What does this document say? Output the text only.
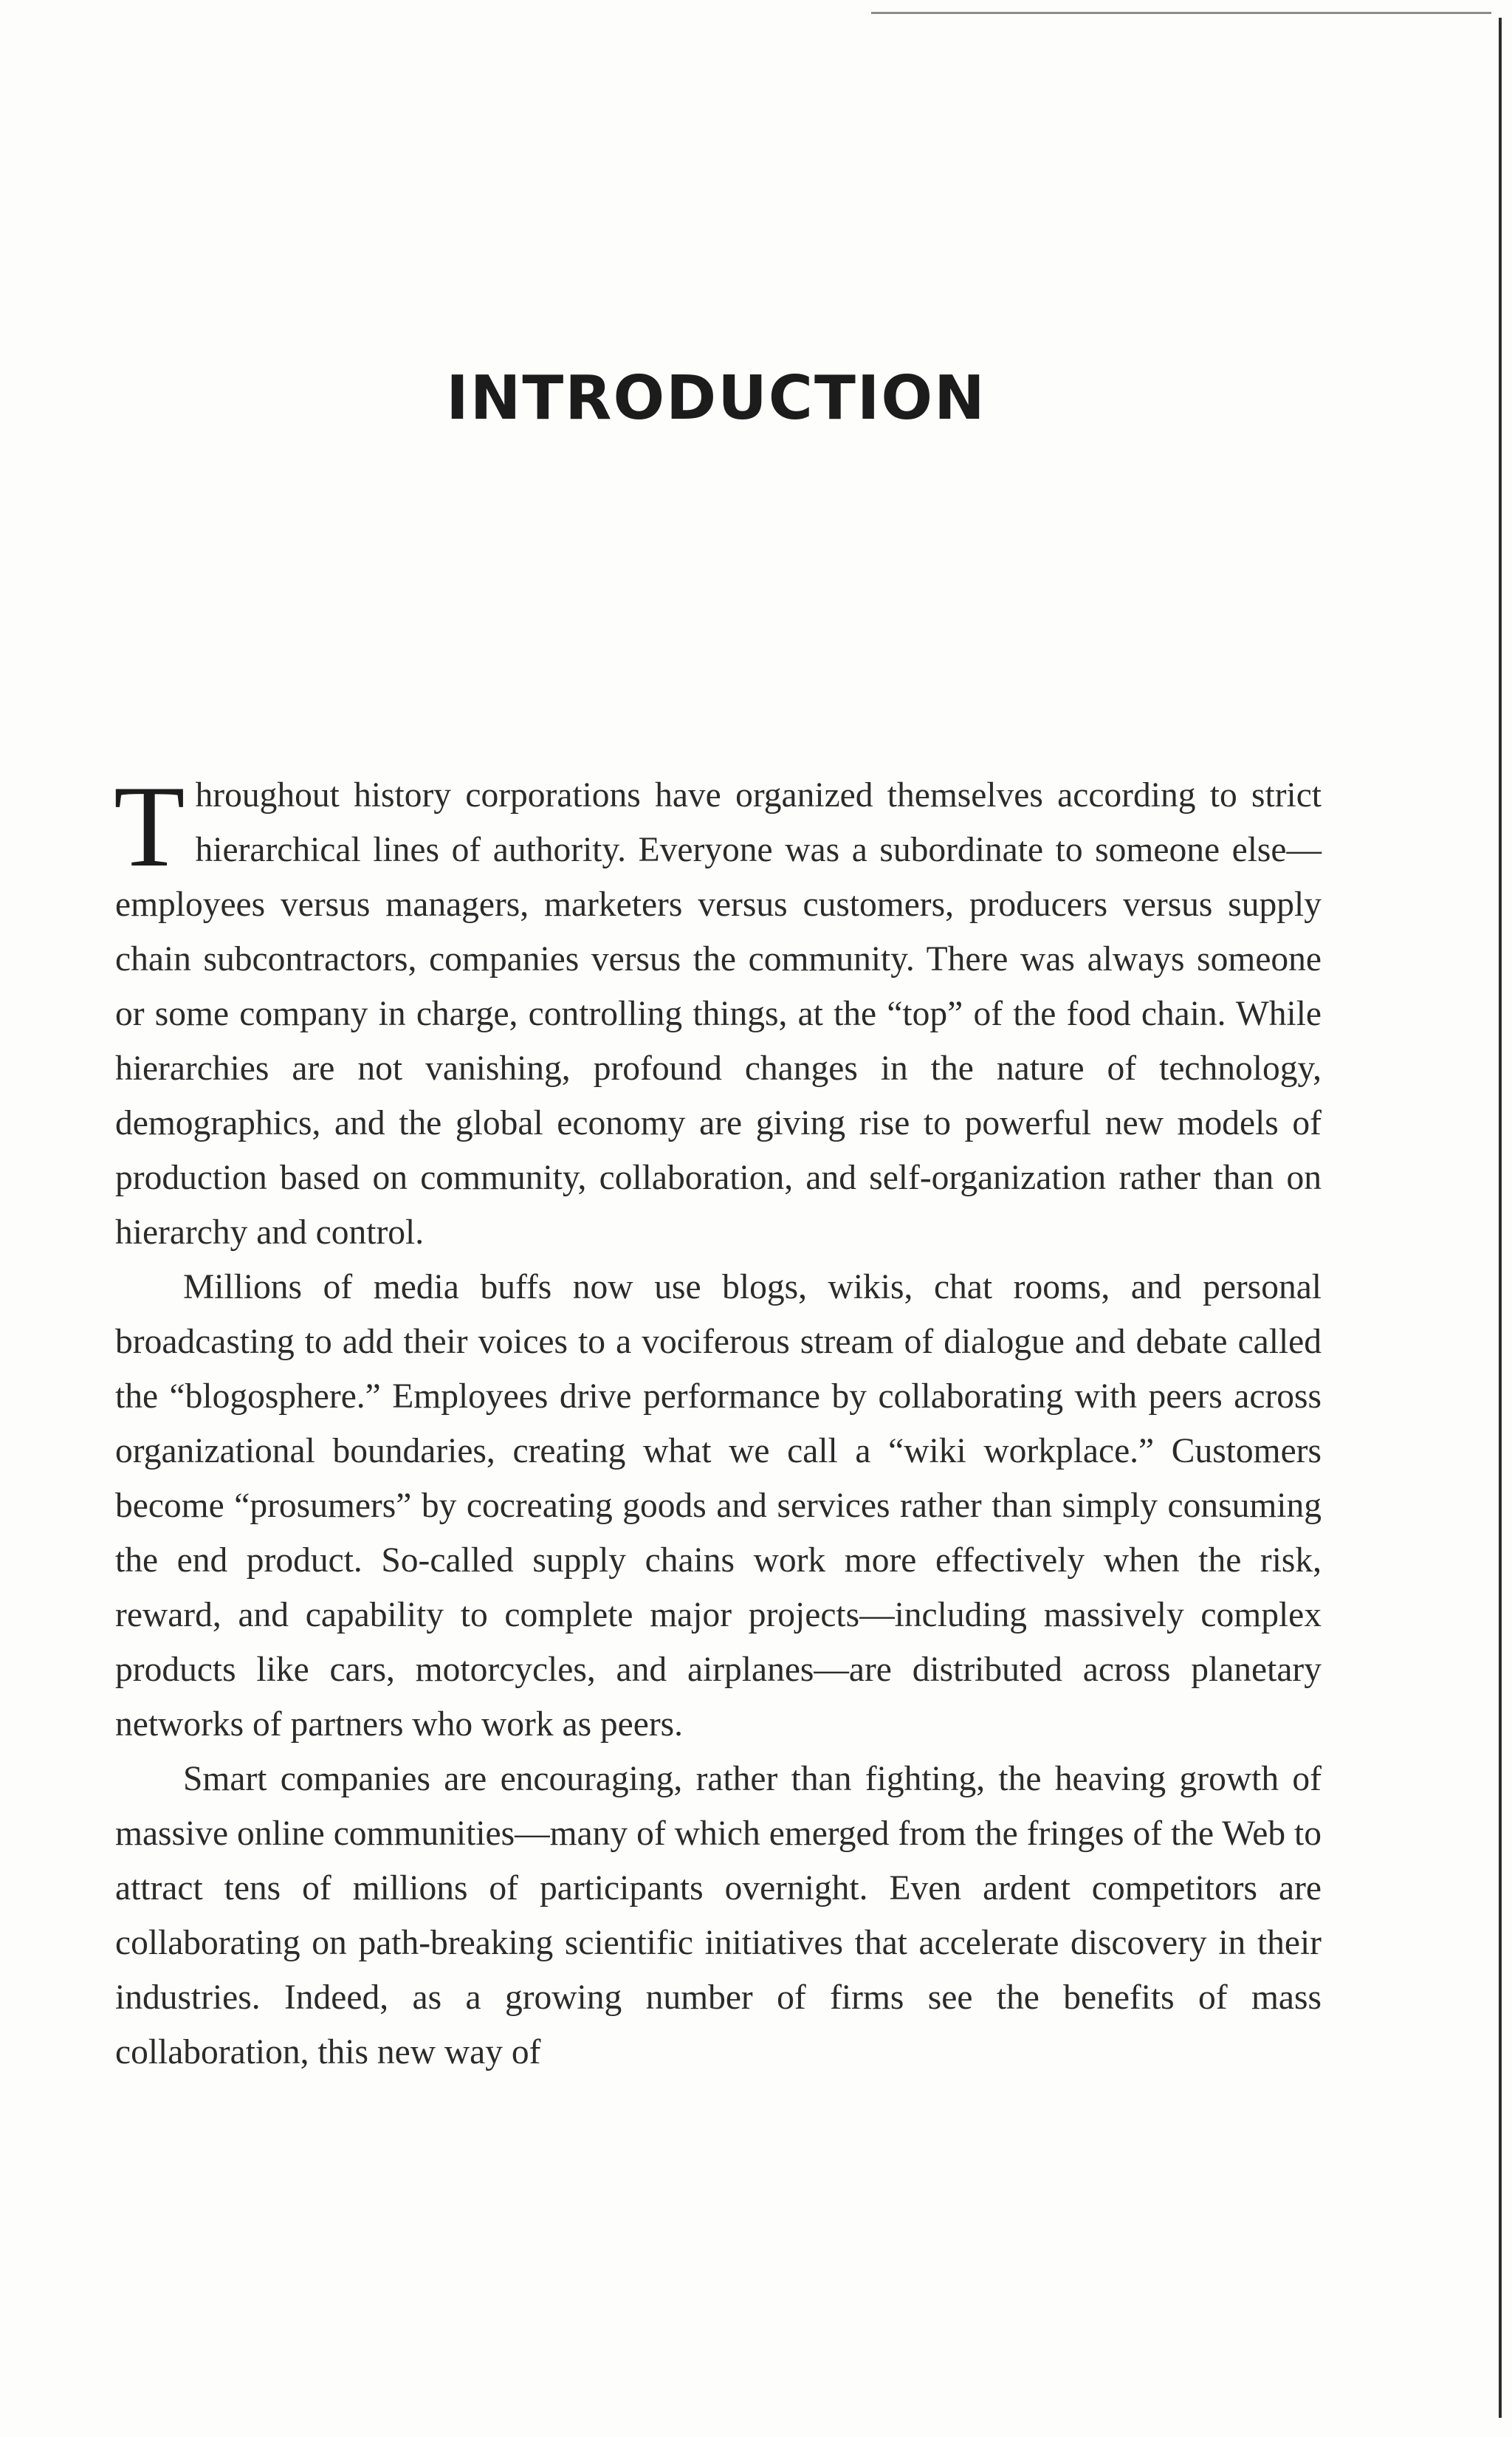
INTRODUCTION

Throughout history corporations have organized themselves according to strict hierarchical lines of authority. Everyone was a subordinate to someone else—employees versus managers, marketers versus customers, producers versus supply chain subcontractors, companies versus the community. There was always someone or some company in charge, controlling things, at the “top” of the food chain. While hierarchies are not vanishing, profound changes in the nature of technology, demographics, and the global economy are giving rise to powerful new models of production based on community, collaboration, and self-organization rather than on hierarchy and control.

Millions of media buffs now use blogs, wikis, chat rooms, and personal broadcasting to add their voices to a vociferous stream of dialogue and debate called the “blogosphere.” Employees drive performance by collaborating with peers across organizational boundaries, creating what we call a “wiki workplace.” Customers become “prosumers” by cocreating goods and services rather than simply consuming the end product. So-called supply chains work more effectively when the risk, reward, and capability to complete major projects—including massively complex products like cars, motorcycles, and airplanes—are distributed across planetary networks of partners who work as peers.

Smart companies are encouraging, rather than fighting, the heaving growth of massive online communities—many of which emerged from the fringes of the Web to attract tens of millions of participants overnight. Even ardent competitors are collaborating on path-breaking scientific initiatives that accelerate discovery in their industries. Indeed, as a growing number of firms see the benefits of mass collaboration, this new way of
